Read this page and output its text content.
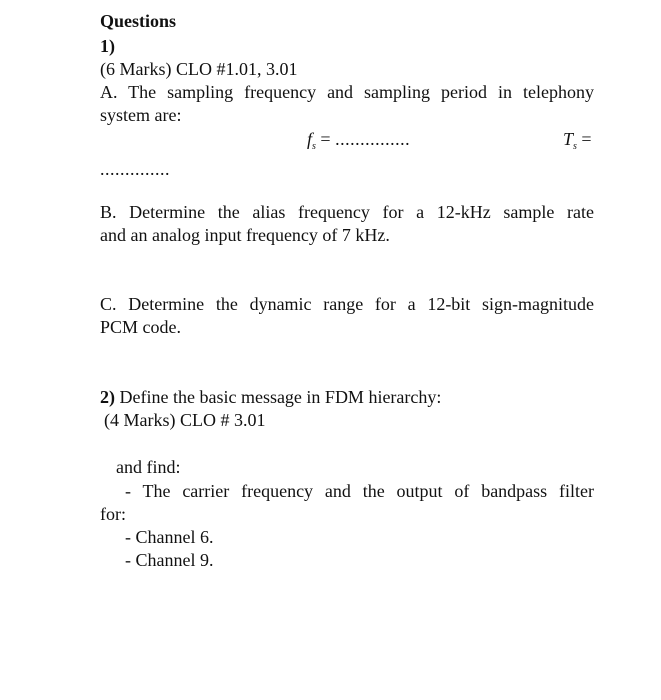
Questions
1)
(6 Marks) CLO #1.01, 3.01
A. The sampling frequency and sampling period in telephony
system are:
$f_s$ = ...............	$T_s$ =
..............
B. Determine the alias frequency for a 12-kHz sample rate
and an analog input frequency of 7 kHz.
C. Determine the dynamic range for a 12-bit sign-magnitude
PCM code.
2) Define the basic message in FDM hierarchy:
(4 Marks) CLO # 3.01
and find:
- The carrier frequency and the output of bandpass filter
for:
- Channel 6.
- Channel 9.
